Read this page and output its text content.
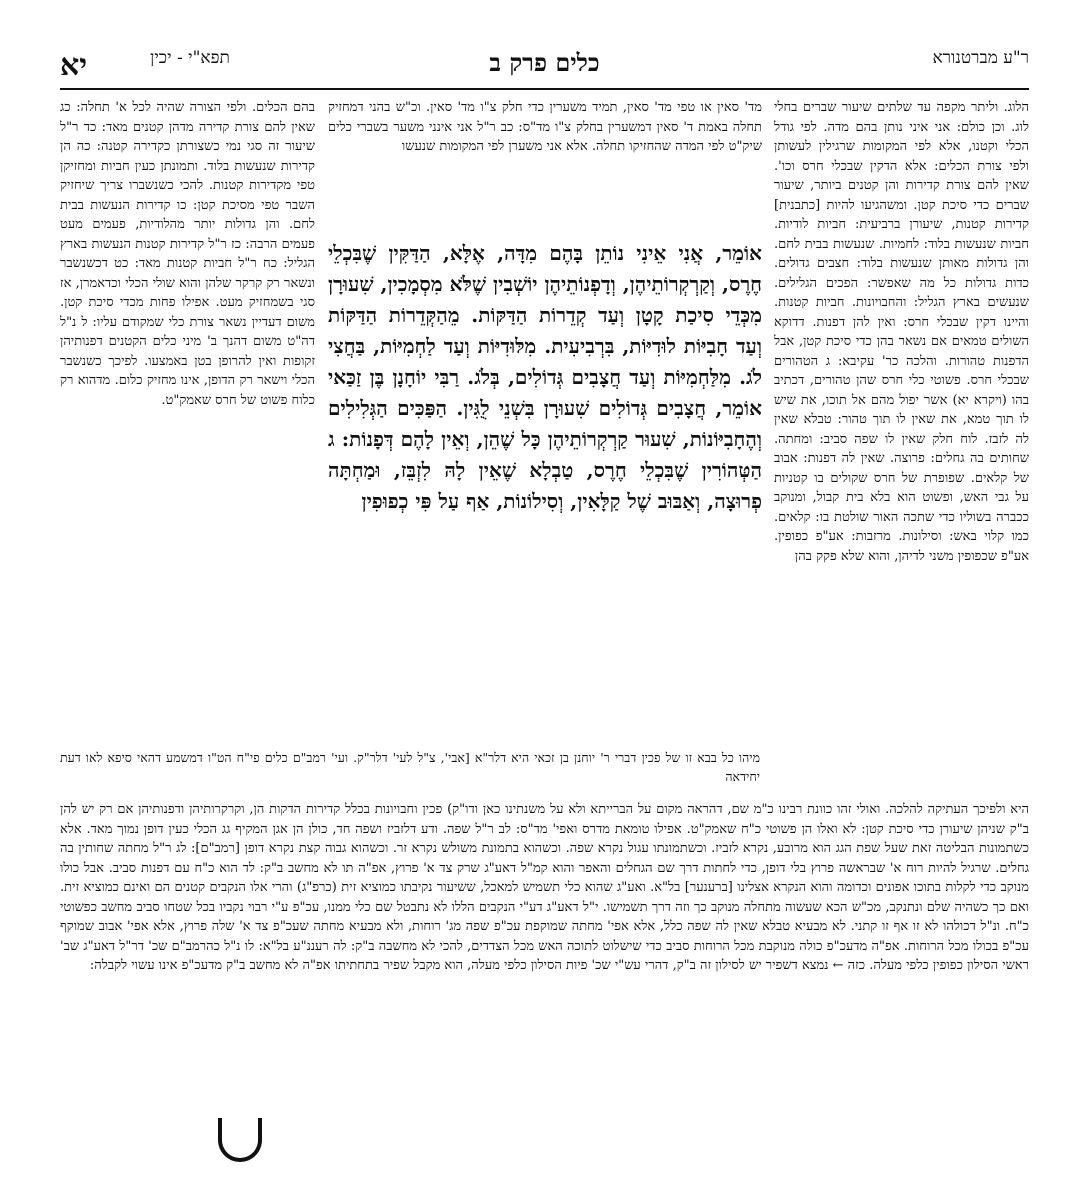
ר"ע מברטנורא
כלים פרק ב
תפא"י - יכין
יא
הלוג. וליתר מקפה עד שלתים שיעור שברים בחלי לוג. וכן כולם: אני איני נותן בהם מדה. לפי גודל הכלי וקטנו, אלא לפי המקומות שרגילין לעשותן ולפי צורת הכלים: אלא הדקין שבכלי חרס וכו'. שאין להם צורת קדירות והן קטנים ביותר, שיעור שברים כדי סיכת קטן. ומשהגיעו להיות [כתבנית] קדירות קטנות, שיעורן ברביעית: חביות לודיות. חביות שנעשות בלוד: לחמיות. שנעשות בבית לחם. והן גדולות מאותן שנעשות בלוד: חצבים גדולים. כדות גדולות כל מה שאפשר: הפכים הגלילים. שנעשים בארץ הגליל: והחבויונות. חביות קטנות. והיינו דקין שבכלי חרס: ואין להן דפנות. דדוקא השולים טמאים אם נשאר בהן כדי סיכת קטן, אבל הדפנות טהורות. והלכה כר' עקיבא: ג הטהורים שבכלי חרס. פשוטי כלי חרס שהן טהורים, דכתיב בהו (ויקרא יא) אשר יפול מהם אל תוכו, את שיש לו תוך טמא, את שאין לו תוך טהור: טבלא שאין לה לזבז. לוח חלק שאין לו שפה סביב: ומחתה. שחותים בה גחלים: פרוצה. שאין לה דפנות: אבוב של קלאים. שפופרת של חרס שקולים בו קטניות על גבי האש, ופשוט הוא בלא בית קבול, ומנוקב ככברה בשוליו כדי שתכה האור שולטת בו: קלאים. כמו קלוי באש: וסילונות. מרזבות: אע"פ כפופין. אע"פ שכפופין משני לדיהן, והוא שלא פקק בהן
מד' סאין או טפי מד' סאין, תמיד משערין כדי חלק צ"ו מד' סאין. וכ"ש בהני דמחזיק תחלה באמת ד' סאין דמשערין בחלק צ"ו מד"ס: כב ר"ל אני אינני משער בשברי כלים שיק"ט לפי המדה שהחזיקו תחלה. אלא אני משערן לפי המקומות שנעשו
אוֹמֵר, אֲנִי אֵינִי נוֹתֵן בָּהֶם מִדָּה, אֶלָּא, הַדַּקִּין שֶׁבִּכְלֵי חֶרֶס, וְקַרְקְרוֹתֵיהֶן, וְדָפְנוֹתֵיהֶן יוֹשְׁבִין שֶׁלֹּא מִסְמָכִין, שִׁעוּרָן מִכְּדֵי סִיכַת קָטָן וְעַד קְדֵרוֹת הַדַּקּוֹת. מֵהַקְּדֵרוֹת הַדַּקּוֹת וְעַד חָבִיּוֹת לוּדִיּוֹת, בִּרְבִיעִית. מִלּוּדִיּוֹת וְעַד לַחְמִיּוֹת, בַּחֲצִי לֹג. מִלַּחְמִיּוֹת וְעַד חֲצָבִים גְּדוֹלִים, בְּלֹג. רַבִּי יוֹחָנָן בֶּן זַכַּאי אוֹמֵר, חֲצָבִים גְּדוֹלִים שִׁעוּרָן בִּשְׁנֵי לֻגִּין. הַפַּכִּים הַגְּלִילִים וְהֶחָבִיּוֹנוֹת, שִׁעוּר קַרְקְרוֹתֵיהֶן כָּל שֶׁהֵן, וְאֵין לָהֶם דְּפָנוֹת: ג הַטְּהוֹרִין שֶׁבִּכְלֵי חֶרֶס, טַבְלָא שֶׁאֵין לָהּ לִזְבֵּז, וּמַחְתָּה פְרוּצָה, וְאַבּוּב שֶׁל קַלָּאִין, וְסִילוֹנוֹת, אַף עַל פִּי כְפוּפִין
בהם הכלים. ולפי הצורה שהיה לכל א' תחלה: כג שאין להם צורת קדירה מדהן קטנים מאד: כד ר"ל שיעור זה סגי נמי כשצורתן כקדירה קטנה: כה הן קדירות שנעשות בלוד. ותמונתן כעין חביות ומחזיקן טפי מקדירות קטנות. להכי כשנשברו צריך שיחזיק השבר טפי מסיכת קטן: כו קדירות הנעשות בבית לחם. והן גדולות יותר מהלודיות, פעמים מעט פעמים הרבה: כז ר"ל קדירות קטנות הנעשות בארץ הגליל: כח ר"ל חביות קטנות מאד: כט דכשנשבר ונשאר רק קרקר שלהן והוא שולי הכלי וכדאמרן, אז סגי בשמחזיק מעט. אפילו פחות מכדי סיכת קטן. משום דעדיין נשאר צורת כלי שמקודם עליו: ל נ"ל דה"ט משום דהנך ב' מיני כלים הקטנים דפנותיהן זקופות ואין להרופן בטן באמצעו. לפיכך כשנשבר הכלי וישאר רק הדופן, אינו מחזיק כלום. מדהוא רק כלוח פשוט של חרס שאמק"ט.
מיהו כל בבא זו של פכין דברי ר' יוחנן בן זכאי היא דלר"א [אבי', צ"ל לעי' דלר"ק. ועי' רמב"ם כלים פי"ח הט"ו דמשמע דהאי סיפא לאו דעת יחידאה
היא ולפיכך העתיקה להלכה. ואולי זהו כוונת רבינו כ"מ שם, דהראה מקום על הברייתא ולא על משנתינו כאן ודו"ק) פכין וחבויונות בכלל קדירות הדקות הן, וקרקרותיהן ודפנותיהן אם רק יש להן ב"ק שניהן שיעורן כדי סיכת קטן: לא ואלו הן פשוטי כ"ח שאמק"ט. אפילו טומאת מדרס ואפי' מד"ס: לב ר"ל שפה. ודע דלזביז ושפה חד, כולן הן אגן המקיף גג הכלי כעין דופן נמוך מאד. אלא כשתמונות הבליטה זאת שעל שפת הגג הוא מרובע, נקרא לזביז. וכשתמונתו עגול נקרא שפה. וכשהוא בתמונת משולש נקרא זר. וכשהוא גבוה קצת נקרא דופן [רמב"ם]: לג ר"ל מחתה שחותין בה גחלים. שרגיל להיות רוח א' שבראשה פרוץ בלי דופן, כדי לחתות דרך שם הגחלים והאפר והוא קמ"ל דאע"ג שרק צד א' פרוץ, אפ"ה תו לא מחשב ב"ק: לד הוא כ"ח עם דפנות סביב. אבל כולו מנוקב כדי לקלות בתוכו אפונים וכדומה והוא הנקרא אצלינו [ברענער] בל"א. ואע"ג שהוא כלי תשמיש למאכל, ששיעור נקיבתו כמוציא זית (כרפ"ג) והרי אלו הנקבים קטנים הם ואינם כמוציא זית. ואם כך כשהיה שלם ונתנקב, מכ"ש הכא שעשוה מתחלה מנוקב כך וזה דרך תשמישו. י"ל דאע"ג דע"י הנקבים הללו לא נתבטל שם כלי ממנו, עכ"פ ע"י רבוי נקביו בכל שטחו סביב מחשב כפשוטי כ"ח. ונ"ל דכולהו לא זו אף זו קתני. לא מבעיא טבלא שאין לה שפה כלל, אלא אפי' מחתה שמוקפת עכ"פ שפה מג' רוחות, ולא מבעיא מחתה שעכ"פ צד א' שלה פרוץ, אלא אפי' אבוב שמוקף עכ"פ בכולו מכל הרוחות. אפ"ה מדעכ"פ כולה מנוקבת מכל הרוחות סביב כדי שישלוט לתוכה האש מכל הצדדים, להכי לא מחשבה ב"ק: לה רעננ"ע בל"א: לו נ"ל כהרמב"ם שכ' דר"ל דאע"ג שב' ראשי הסילון כפופין כלפי מעלה. כזה ← נמצא דשפיר יש לסילון זה ב"ק, דהרי עש"י שכ' פיות הסילון כלפי מעלה, הוא מקבל שפיר בתחתיתו אפ"ה לא מחשב ב"ק מדעכ"פ אינו עשוי לקבלה:
